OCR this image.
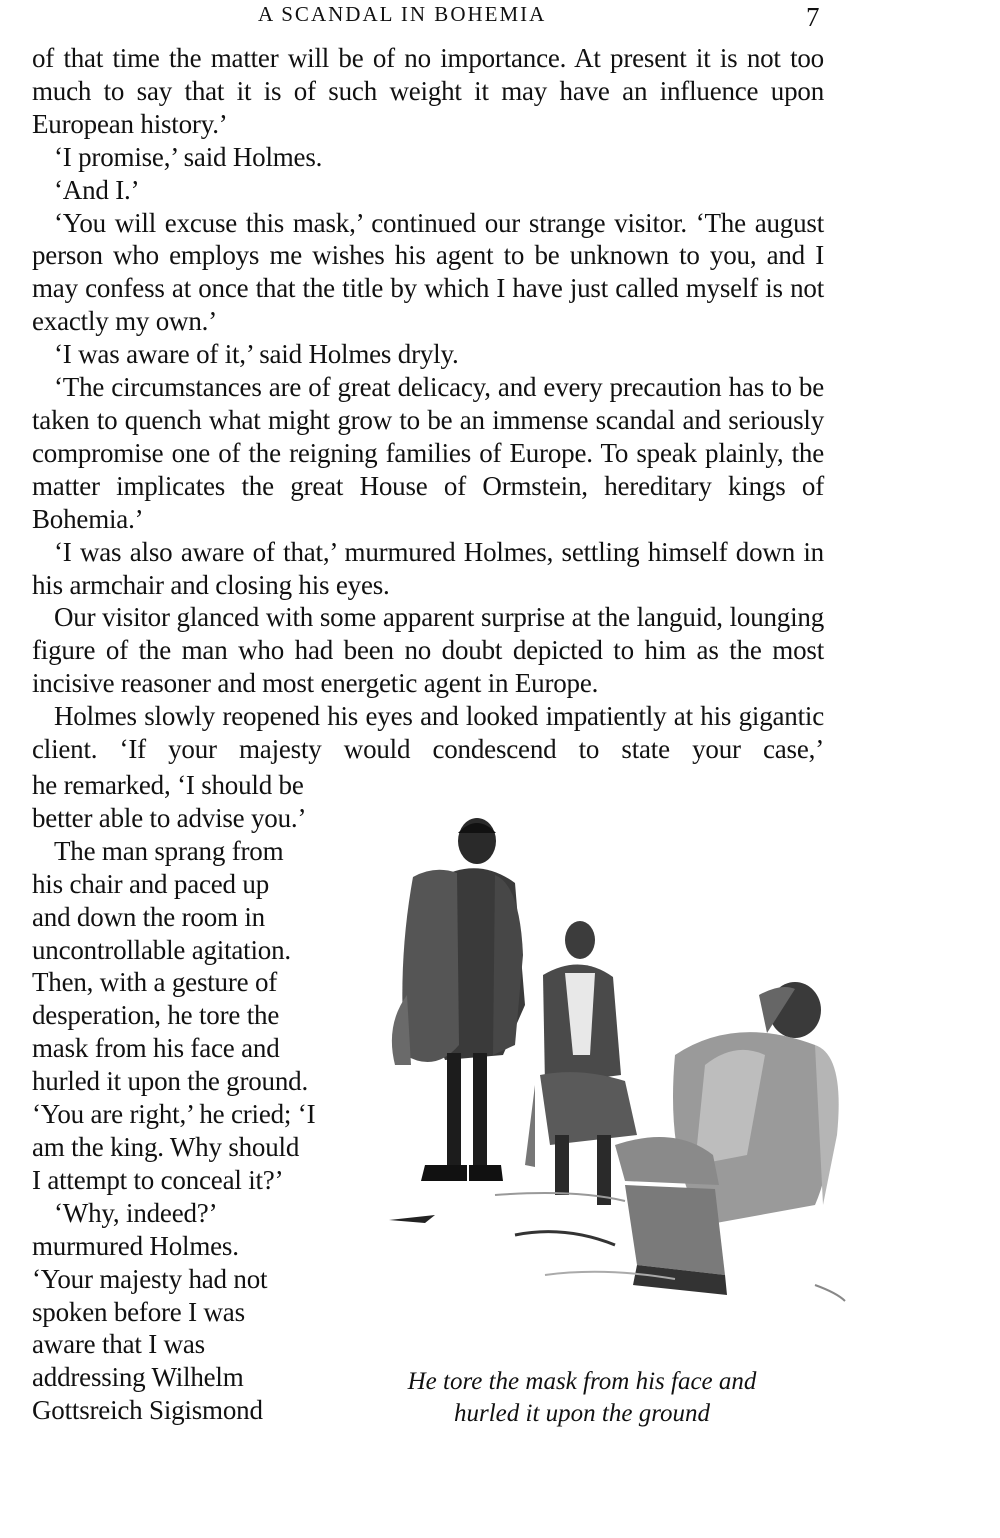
A SCANDAL IN BOHEMIA	7

of that time the matter will be of no importance. At present it is not too much to say that it is of such weight it may have an influence upon European history.’

‘I promise,’ said Holmes.

‘And I.’

‘You will excuse this mask,’ continued our strange visitor. ‘The august person who employs me wishes his agent to be unknown to you, and I may confess at once that the title by which I have just called myself is not exactly my own.’

‘I was aware of it,’ said Holmes dryly.

‘The circumstances are of great delicacy, and every precaution has to be taken to quench what might grow to be an immense scandal and seriously compromise one of the reigning families of Europe. To speak plainly, the matter implicates the great House of Ormstein, hereditary kings of Bohemia.’

‘I was also aware of that,’ murmured Holmes, settling himself down in his armchair and closing his eyes.

Our visitor glanced with some apparent surprise at the languid, lounging figure of the man who had been no doubt depicted to him as the most incisive reasoner and most energetic agent in Europe.

Holmes slowly reopened his eyes and looked impatiently at his gigantic client. ‘If your majesty would condescend to state your case,’

he remarked, ‘I should be
better able to advise you.’
The man sprang from
his chair and paced up
and down the room in
uncontrollable agitation.
Then, with a gesture of
desperation, he tore the
mask from his face and
hurled it upon the ground.
‘You are right,’ he cried; ‘I
am the king. Why should
I attempt to conceal it?’
‘Why, indeed?’
murmured Holmes.
‘Your majesty had not
spoken before I was
aware that I was
addressing Wilhelm
Gottsreich Sigismond
He tore the mask from his face and
hurled it upon the ground
